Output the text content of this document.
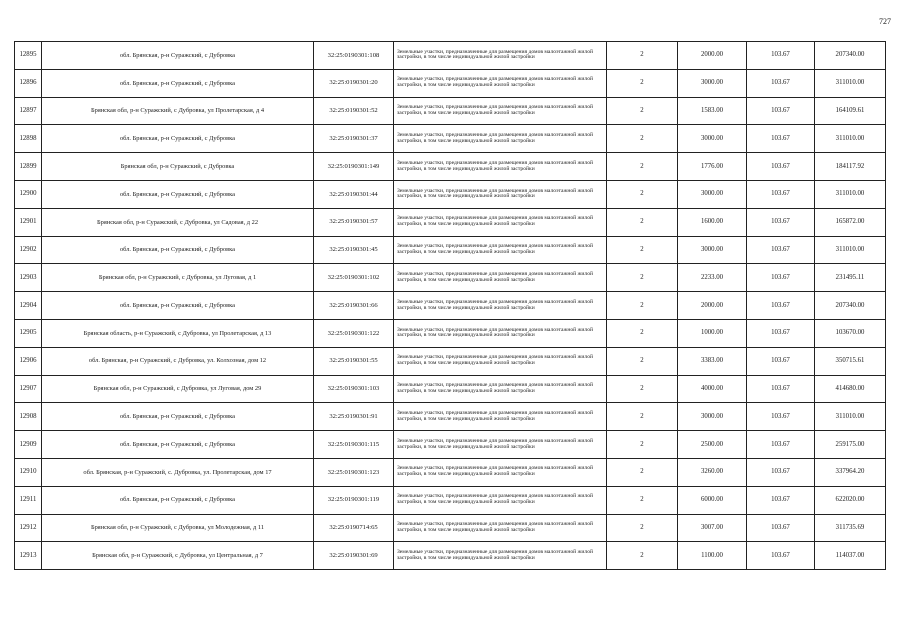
727
12895	обл. Брянская, р-н Суражский, с Дубровка	32:25:0190301:108	Земельные участки, предназначенные для размещения домов малоэтажной жилой застройки, в том числе индивидуальной жилой застройки	2	2000.00	103.67	207340.00
12896	обл. Брянская, р-н Суражский, с Дубровка	32:25:0190301:20	Земельные участки, предназначенные для размещения домов малоэтажной жилой застройки, в том числе индивидуальной жилой застройки	2	3000.00	103.67	311010.00
12897	Брянская обл, р-н Суражский, с Дубровка, ул Пролетарская, д 4	32:25:0190301:52	Земельные участки, предназначенные для размещения домов малоэтажной жилой застройки, в том числе индивидуальной жилой застройки	2	1583.00	103.67	164109.61
12898	обл. Брянская, р-н Суражский, с Дубровка	32:25:0190301:37	Земельные участки, предназначенные для размещения домов малоэтажной жилой застройки, в том числе индивидуальной жилой застройки	2	3000.00	103.67	311010.00
12899	Брянская обл, р-н Суражский, с Дубровка	32:25:0190301:149	Земельные участки, предназначенные для размещения домов малоэтажной жилой застройки, в том числе индивидуальной жилой застройки	2	1776.00	103.67	184117.92
12900	обл. Брянская, р-н Суражский, с Дубровка	32:25:0190301:44	Земельные участки, предназначенные для размещения домов малоэтажной жилой застройки, в том числе индивидуальной жилой застройки	2	3000.00	103.67	311010.00
12901	Брянская обл, р-н Суражский, с Дубровка, ул Садовая, д 22	32:25:0190301:57	Земельные участки, предназначенные для размещения домов малоэтажной жилой застройки, в том числе индивидуальной жилой застройки	2	1600.00	103.67	165872.00
12902	обл. Брянская, р-н Суражский, с Дубровка	32:25:0190301:45	Земельные участки, предназначенные для размещения домов малоэтажной жилой застройки, в том числе индивидуальной жилой застройки	2	3000.00	103.67	311010.00
12903	Брянская обл, р-н Суражский, с Дубровка, ул Луговая, д 1	32:25:0190301:102	Земельные участки, предназначенные для размещения домов малоэтажной жилой застройки, в том числе индивидуальной жилой застройки	2	2233.00	103.67	231495.11
12904	обл. Брянская, р-н Суражский, с Дубровка	32:25:0190301:66	Земельные участки, предназначенные для размещения домов малоэтажной жилой застройки, в том числе индивидуальной жилой застройки	2	2000.00	103.67	207340.00
12905	Брянская область, р-н Суражский, с Дубровка, ул Пролетарская, д 13	32:25:0190301:122	Земельные участки, предназначенные для размещения домов малоэтажной жилой застройки, в том числе индивидуальной жилой застройки	2	1000.00	103.67	103670.00
12906	обл. Брянская, р-н Суражский, с Дубровка, ул. Колхозная, дом 12	32:25:0190301:55	Земельные участки, предназначенные для размещения домов малоэтажной жилой застройки, в том числе индивидуальной жилой застройки	2	3383.00	103.67	350715.61
12907	Брянская обл, р-н Суражский, с Дубровка, ул Луговая, дом 29	32:25:0190301:103	Земельные участки, предназначенные для размещения домов малоэтажной жилой застройки, в том числе индивидуальной жилой застройки	2	4000.00	103.67	414680.00
12908	обл. Брянская, р-н Суражский, с Дубровка	32:25:0190301:91	Земельные участки, предназначенные для размещения домов малоэтажной жилой застройки, в том числе индивидуальной жилой застройки	2	3000.00	103.67	311010.00
12909	обл. Брянская, р-н Суражский, с Дубровка	32:25:0190301:115	Земельные участки, предназначенные для размещения домов малоэтажной жилой застройки, в том числе индивидуальной жилой застройки	2	2500.00	103.67	259175.00
12910	обл. Брянская, р-н Суражский, с. Дубровка, ул. Пролетарская, дом 17	32:25:0190301:123	Земельные участки, предназначенные для размещения домов малоэтажной жилой застройки, в том числе индивидуальной жилой застройки	2	3260.00	103.67	337964.20
12911	обл. Брянская, р-н Суражский, с Дубровка	32:25:0190301:119	Земельные участки, предназначенные для размещения домов малоэтажной жилой застройки, в том числе индивидуальной жилой застройки	2	6000.00	103.67	622020.00
12912	Брянская обл, р-н Суражский, с Дубровка, ул Молодежная, д 11	32:25:0190714:65	Земельные участки, предназначенные для размещения домов малоэтажной жилой застройки, в том числе индивидуальной жилой застройки	2	3007.00	103.67	311735.69
12913	Брянская обл, р-н Суражский, с Дубровка, ул Центральная, д 7	32:25:0190301:69	Земельные участки, предназначенные для размещения домов малоэтажной жилой застройки, в том числе индивидуальной жилой застройки	2	1100.00	103.67	114037.00
